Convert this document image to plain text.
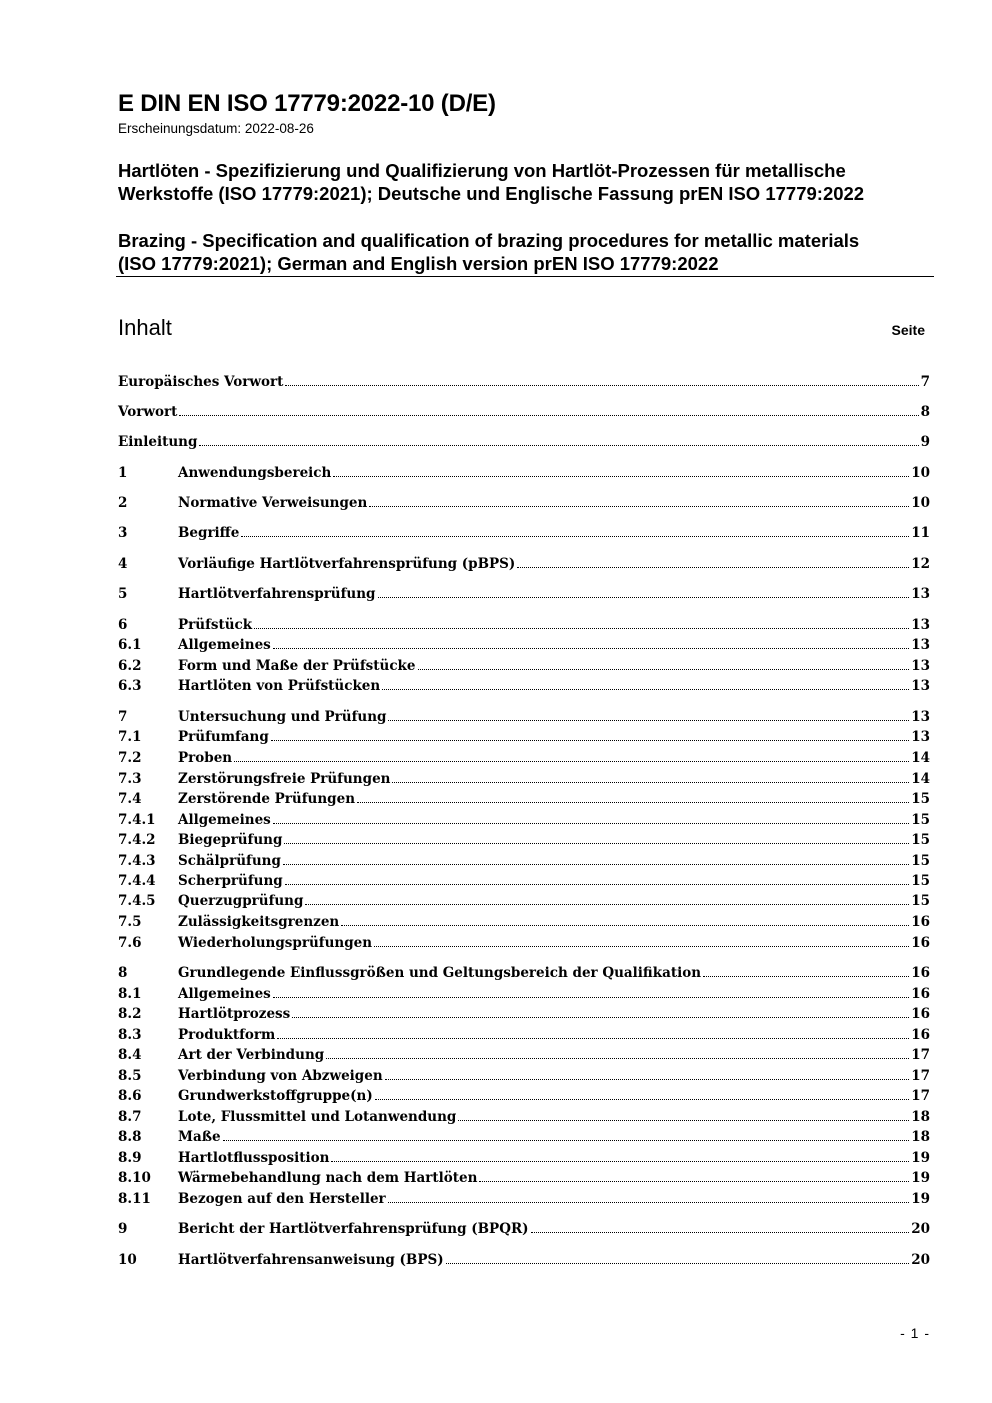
E DIN EN ISO 17779:2022-10 (D/E)
Erscheinungsdatum: 2022-08-26
Hartlöten - Spezifizierung und Qualifizierung von Hartlöt-Prozessen für metallische
Werkstoffe (ISO 17779:2021); Deutsche und Englische Fassung prEN ISO 17779:2022
Brazing - Specification and qualification of brazing procedures for metallic materials
(ISO 17779:2021); German and English version prEN ISO 17779:2022
Inhalt	Seite
Europäisches Vorwort	7
Vorwort	8
Einleitung	9
1	Anwendungsbereich	10
2	Normative Verweisungen	10
3	Begriffe	11
4	Vorläufige Hartlötverfahrensprüfung (pBPS)	12
5	Hartlötverfahrensprüfung	13
6	Prüfstück	13
6.1	Allgemeines	13
6.2	Form und Maße der Prüfstücke	13
6.3	Hartlöten von Prüfstücken	13
7	Untersuchung und Prüfung	13
7.1	Prüfumfang	13
7.2	Proben	14
7.3	Zerstörungsfreie Prüfungen	14
7.4	Zerstörende Prüfungen	15
7.4.1	Allgemeines	15
7.4.2	Biegeprüfung	15
7.4.3	Schälprüfung	15
7.4.4	Scherprüfung	15
7.4.5	Querzugprüfung	15
7.5	Zulässigkeitsgrenzen	16
7.6	Wiederholungsprüfungen	16
8	Grundlegende Einflussgrößen und Geltungsbereich der Qualifikation	16
8.1	Allgemeines	16
8.2	Hartlötprozess	16
8.3	Produktform	16
8.4	Art der Verbindung	17
8.5	Verbindung von Abzweigen	17
8.6	Grundwerkstoffgruppe(n)	17
8.7	Lote, Flussmittel und Lotanwendung	18
8.8	Maße	18
8.9	Hartlotflussposition	19
8.10	Wärmebehandlung nach dem Hartlöten	19
8.11	Bezogen auf den Hersteller	19
9	Bericht der Hartlötverfahrensprüfung (BPQR)	20
10	Hartlötverfahrensanweisung (BPS)	20
- 1 -
